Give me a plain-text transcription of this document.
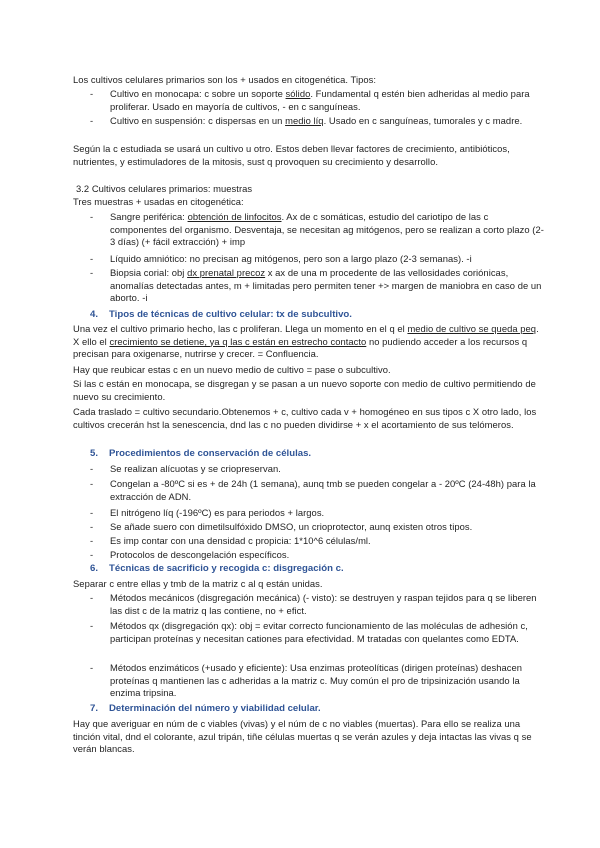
Los cultivos celulares primarios son los + usados en citogenética. Tipos:
- Cultivo en monocapa: c sobre un soporte sólido. Fundamental q estén bien adheridas al medio para proliferar. Usado en mayoría de cultivos, - en c sanguíneas.
- Cultivo en suspensión: c dispersas en un medio líq. Usado en c sanguíneas, tumorales y c madre.
Según la c estudiada se usará un cultivo u otro. Estos deben llevar factores de crecimiento, antibióticos, nutrientes, y estimuladores de la mitosis, sust q provoquen su crecimiento y desarrollo.
3.2 Cultivos celulares primarios: muestras
Tres muestras + usadas en citogenética:
- Sangre periférica: obtención de linfocitos. Ax de c somáticas, estudio del cariotipo de las c componentes del organismo. Desventaja, se necesitan ag mitógenos, pero se realizan a corto plazo (2-3 días) (+ fácil extracción) + imp
- Líquido amniótico: no precisan ag mitógenos, pero son a largo plazo (2-3 semanas). -i
- Biopsia corial: obj dx prenatal precoz x ax de una m procedente de las vellosidades coriónicas, anomalías detectadas antes, m + limitadas pero permiten tener +> margen de maniobra en caso de un aborto. -i
4. Tipos de técnicas de cultivo celular: tx de subcultivo.
Una vez el cultivo primario hecho, las c proliferan. Llega un momento en el q el medio de cultivo se queda peq. X ello el crecimiento se detiene, ya q las c están en estrecho contacto no pudiendo acceder a los recursos q precisan para oxigenarse, nutrirse y crecer. = Confluencia.
Hay que reubicar estas c en un nuevo medio de cultivo = pase o subcultivo.
Si las c están en monocapa, se disgregan y se pasan a un nuevo soporte con medio de cultivo permitiendo de nuevo su crecimiento.
Cada traslado = cultivo secundario.Obtenemos + c, cultivo cada v + homogéneo en sus tipos c X otro lado, los cultivos crecerán hst la senescencia, dnd las c no pueden dividirse + x el acortamiento de sus telómeros.
5. Procedimientos de conservación de células.
- Se realizan alícuotas y se criopreservan.
- Congelan a -80ºC si es + de 24h (1 semana), aunq tmb se pueden congelar a - 20ºC (24-48h) para la extracción de ADN.
- El nitrógeno líq (-196ºC) es para periodos + largos.
- Se añade suero con dimetilsulfóxido DMSO, un crioprotector, aunq existen otros tipos.
- Es imp contar con una densidad c propicia: 1*10^6 células/ml.
- Protocolos de descongelación específicos.
6. Técnicas de sacrificio y recogida c: disgregación c.
Separar c entre ellas y tmb de la matriz c al q están unidas.
- Métodos mecánicos (disgregación mecánica) (- visto): se destruyen y raspan tejidos para q se liberen las dist c de la matriz q las contiene, no + efict.
- Métodos qx (disgregación qx): obj = evitar correcto funcionamiento de las moléculas de adhesión c, participan proteínas y necesitan cationes para efectividad. M tratadas con quelantes como EDTA.
- Métodos enzimáticos (+usado y eficiente): Usa enzimas proteolíticas (dirigen proteínas) deshacen proteínas q mantienen las c adheridas a la matriz c. Muy común el pro de tripsinización usando la enzima tripsina.
7. Determinación del número y viabilidad celular.
Hay que averiguar en núm de c viables (vivas) y el núm de c no viables (muertas). Para ello se realiza una tinción vital, dnd el colorante, azul tripán, tiñe células muertas q se verán azules y deja intactas las vivas q se verán blancas.
